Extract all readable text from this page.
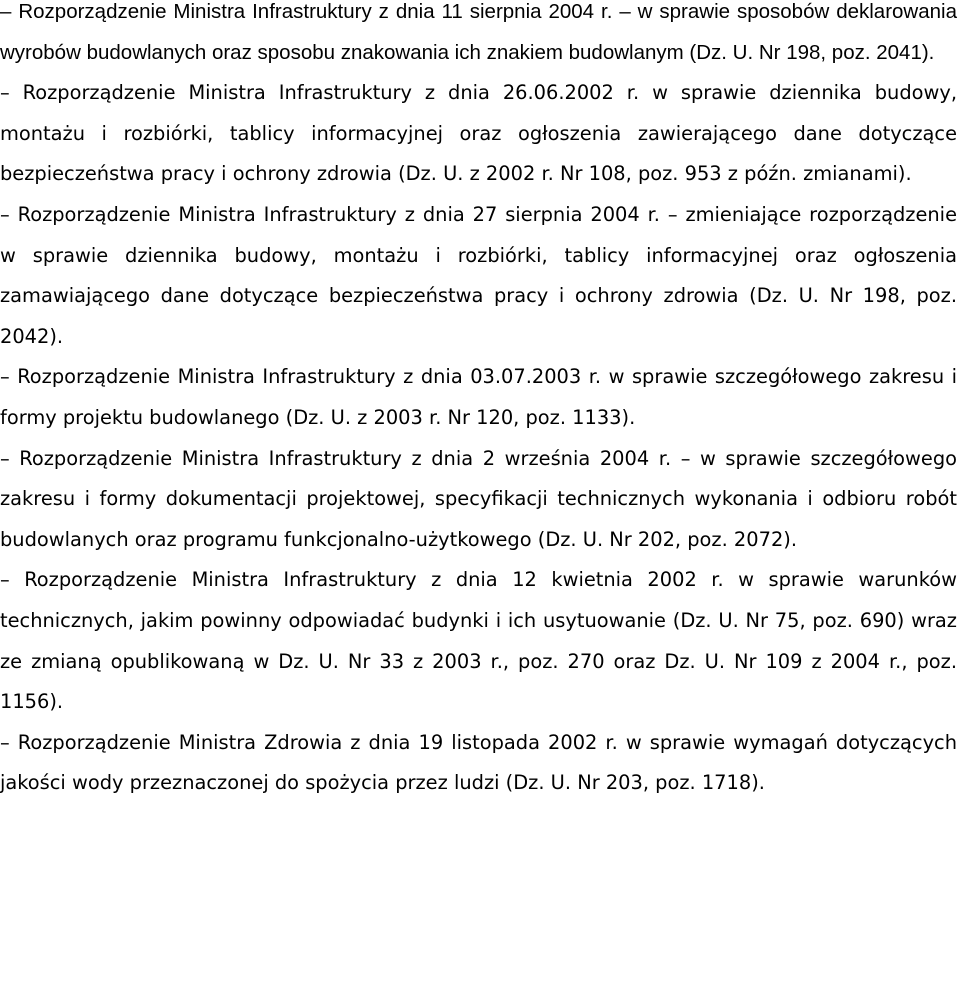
– Rozporządzenie Ministra Infrastruktury z dnia 11 sierpnia 2004 r. – w sprawie sposobów deklarowania wyrobów budowlanych oraz sposobu znakowania ich znakiem budowlanym (Dz. U. Nr 198, poz. 2041).

– Rozporządzenie Ministra Infrastruktury z dnia 26.06.2002 r. w sprawie dziennika budowy, montażu i rozbiórki, tablicy informacyjnej oraz ogłoszenia zawierającego dane dotyczące bezpieczeństwa pracy i ochrony zdrowia (Dz. U. z 2002 r. Nr 108, poz. 953 z późn. zmianami).

– Rozporządzenie Ministra Infrastruktury z dnia 27 sierpnia 2004 r. – zmieniające rozporządzenie w sprawie dziennika budowy, montażu i rozbiórki, tablicy informacyjnej oraz ogłoszenia zamawiającego dane dotyczące bezpieczeństwa pracy i ochrony zdrowia (Dz. U. Nr 198, poz. 2042).

– Rozporządzenie Ministra Infrastruktury z dnia 03.07.2003 r. w sprawie szczegółowego zakresu i formy projektu budowlanego (Dz. U. z 2003 r. Nr 120, poz. 1133).

– Rozporządzenie Ministra Infrastruktury z dnia 2 września 2004 r. – w sprawie szczegółowego zakresu i formy dokumentacji projektowej, specyfikacji technicznych wykonania i odbioru robót budowlanych oraz programu funkcjonalno-użytkowego (Dz. U. Nr 202, poz. 2072).

– Rozporządzenie Ministra Infrastruktury z dnia 12 kwietnia 2002 r. w sprawie warunków technicznych, jakim powinny odpowiadać budynki i ich usytuowanie (Dz. U. Nr 75, poz. 690) wraz ze zmianą opublikowaną w Dz. U. Nr 33 z 2003 r., poz. 270 oraz Dz. U. Nr 109 z 2004 r., poz. 1156).

– Rozporządzenie Ministra Zdrowia z dnia 19 listopada 2002 r. w sprawie wymagań dotyczących jakości wody przeznaczonej do spożycia przez ludzi (Dz. U. Nr 203, poz. 1718).
